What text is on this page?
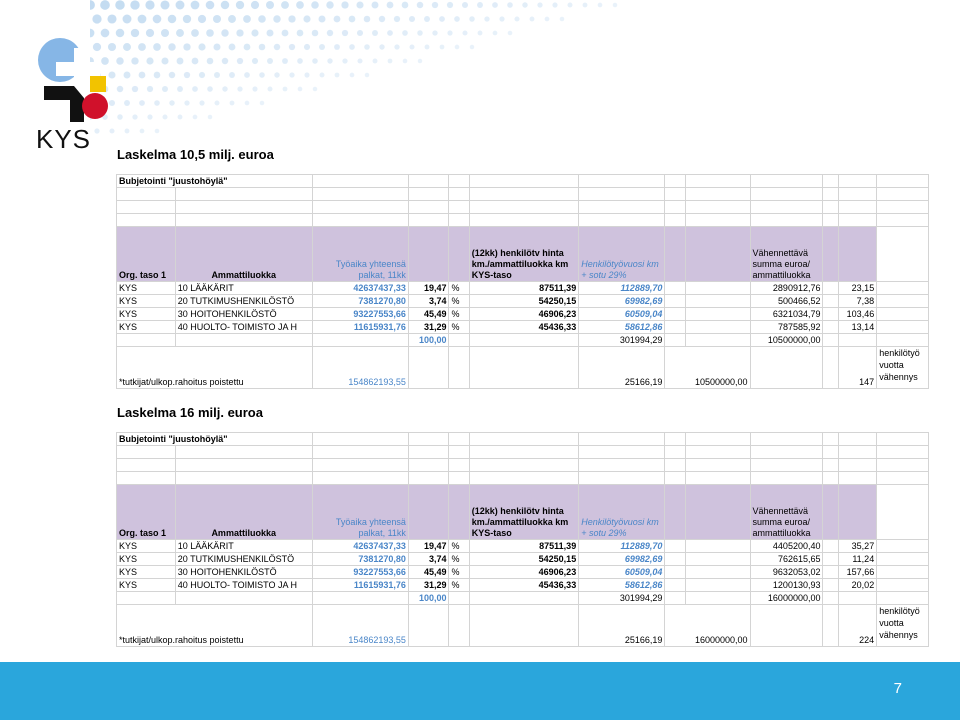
KYS
Laskelma 10,5 milj. euroa
Bubjetointi "juustohöylä"												

Org. taso 1	Ammattiluokka	Työaika yhteensä palkat, 11kk			(12kk) henkilötv hinta km./ammattiluokka km KYS-taso	Henkilötyövuosi km + sotu 29%			Vähennettävä summa euroa/ ammattiluokka			
KYS	10 LÄÄKÄRIT	42637437,33	19,47	%	87511,39	112889,70			2890912,76		23,15	
KYS	20 TUTKIMUSHENKILÖSTÖ	7381270,80	3,74	%	54250,15	69982,69			500466,52		7,38	
KYS	30 HOITOHENKILÖSTÖ	93227553,66	45,49	%	46906,23	60509,04			6321034,79		103,46	
KYS	40 HUOLTO- TOIMISTO JA H	11615931,76	31,29	%	45436,33	58612,86			787585,92		13,14	
			100,00			301994,29			10500000,00			
*tutkijat/ulkop.rahoitus poistettu		154862193,55				25166,19	10500000,00				147	henkilötyö vuotta vähennys
Laskelma 16 milj. euroa
Bubjetointi "juustohöylä"												

Org. taso 1	Ammattiluokka	Työaika yhteensä palkat, 11kk			(12kk) henkilötv hinta km./ammattiluokka km KYS-taso	Henkilötyövuosi km + sotu 29%			Vähennettävä summa euroa/ ammattiluokka			
KYS	10 LÄÄKÄRIT	42637437,33	19,47	%	87511,39	112889,70			4405200,40		35,27	
KYS	20 TUTKIMUSHENKILÖSTÖ	7381270,80	3,74	%	54250,15	69982,69			762615,65		11,24	
KYS	30 HOITOHENKILÖSTÖ	93227553,66	45,49	%	46906,23	60509,04			9632053,02		157,66	
KYS	40 HUOLTO- TOIMISTO JA H	11615931,76	31,29	%	45436,33	58612,86			1200130,93		20,02	
			100,00			301994,29			16000000,00			
*tutkijat/ulkop.rahoitus poistettu		154862193,55				25166,19	16000000,00				224	henkilötyö vuotta vähennys
7
